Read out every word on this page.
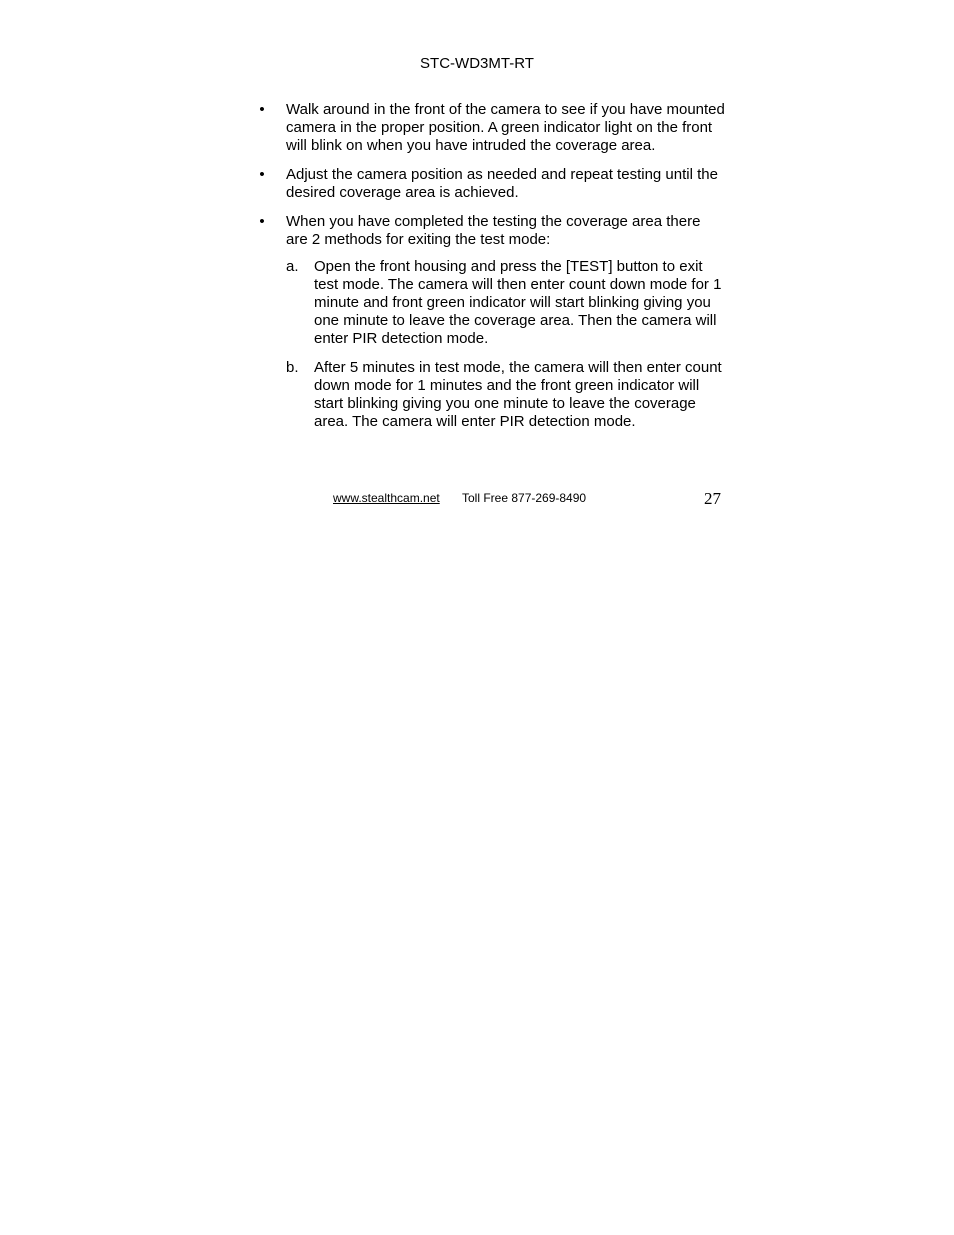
STC-WD3MT-RT
• Walk around in the front of the camera to see if you have mounted camera in the proper position. A green indicator light on the front will blink on when you have intruded the coverage area.
• Adjust the camera position as needed and repeat testing until the desired coverage area is achieved.
• When you have completed the testing the coverage area there are 2 methods for exiting the test mode:
a. Open the front housing and press the [TEST] button to exit test mode. The camera will then enter count down mode for 1 minute and front green indicator will start blinking giving you one minute to leave the coverage area. Then the camera will enter PIR detection mode.
b. After 5 minutes in test mode, the camera will then enter count down mode for 1 minutes and the front green indicator will start blinking giving you one minute to leave the coverage area. The camera will enter PIR detection mode.
www.stealthcam.net Toll Free 877-269-8490	27
